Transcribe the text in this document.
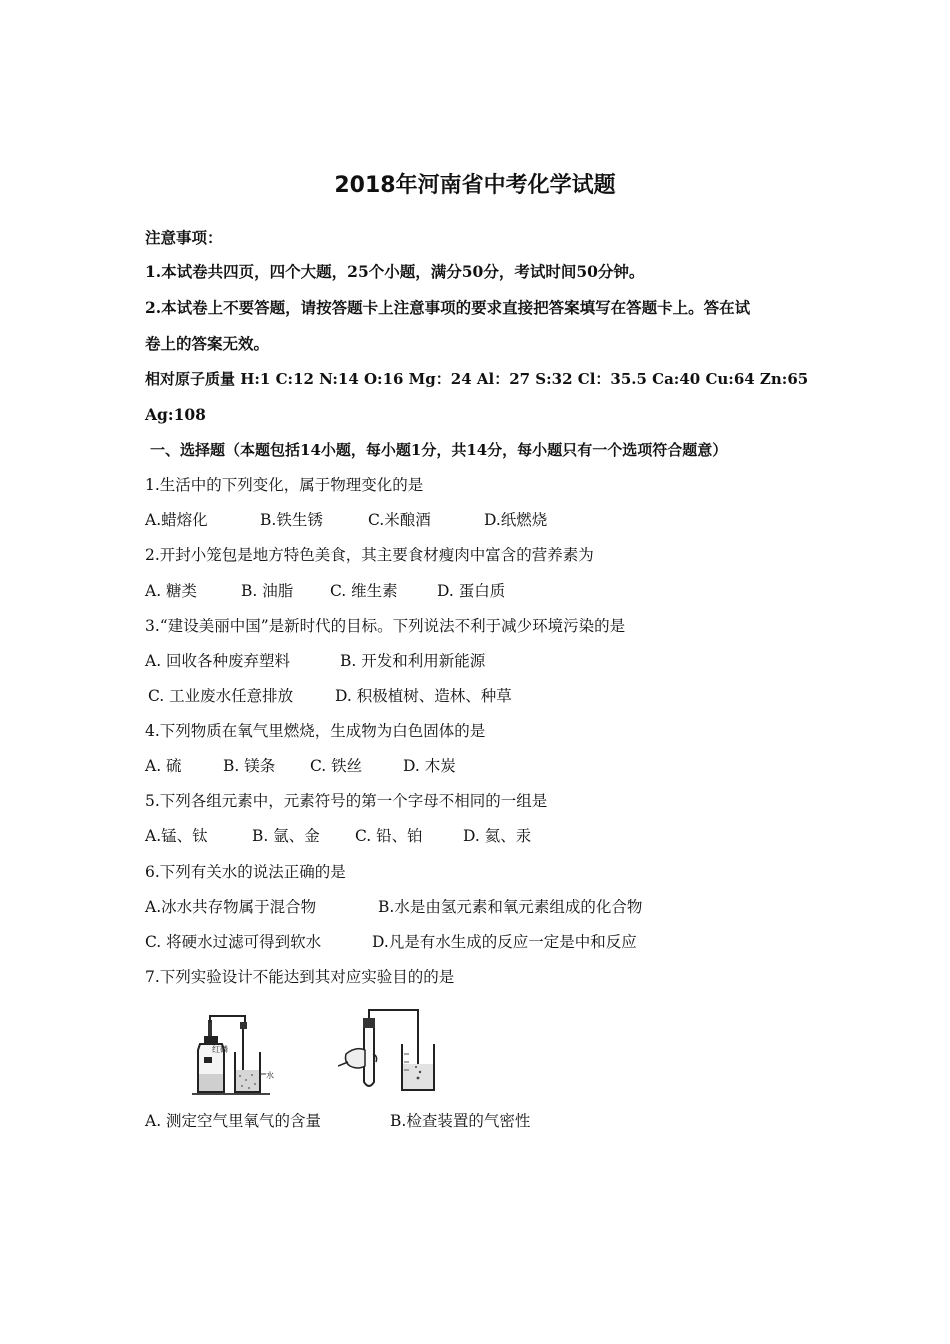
2018年河南省中考化学试题
注意事项：
1.本试卷共四页，四个大题，25个小题，满分50分，考试时间50分钟。
2.本试卷上不要答题，请按答题卡上注意事项的要求直接把答案填写在答题卡上。答在试
卷上的答案无效。
相对原子质量 H:1 C:12 N:14 O:16 Mg：24 Al：27 S:32 Cl：35.5 Ca:40 Cu:64 Zn:65
Ag:108
一、选择题（本题包括14小题，每小题1分，共14分，每小题只有一个选项符合题意）
1.生活中的下列变化，属于物理变化的是
A.蜡熔化	B.铁生锈	C.米酿酒	D.纸燃烧
2.开封小笼包是地方特色美食，其主要食材瘦肉中富含的营养素为
A. 糖类	B. 油脂 C. 维生素	D. 蛋白质
3.“建设美丽中国”是新时代的目标。下列说法不利于减少环境污染的是
A. 回收各种废弃塑料	B. 开发和利用新能源
C. 工业废水任意排放	D. 积极植树、造林、种草
4.下列物质在氧气里燃烧，生成物为白色固体的是
A. 硫	B. 镁条 C. 铁丝	D. 木炭
5.下列各组元素中，元素符号的第一个字母不相同的一组是
A.锰、钛	B. 氩、金 C. 铅、铂	D. 氦、汞
6.下列有关水的说法正确的是
A.冰水共存物属于混合物	B.水是由氢元素和氧元素组成的化合物
C. 将硬水过滤可得到软水	D.凡是有水生成的反应一定是中和反应
7.下列实验设计不能达到其对应实验目的的是
红磷
水
A. 测定空气里氧气的含量	B.检查装置的气密性
